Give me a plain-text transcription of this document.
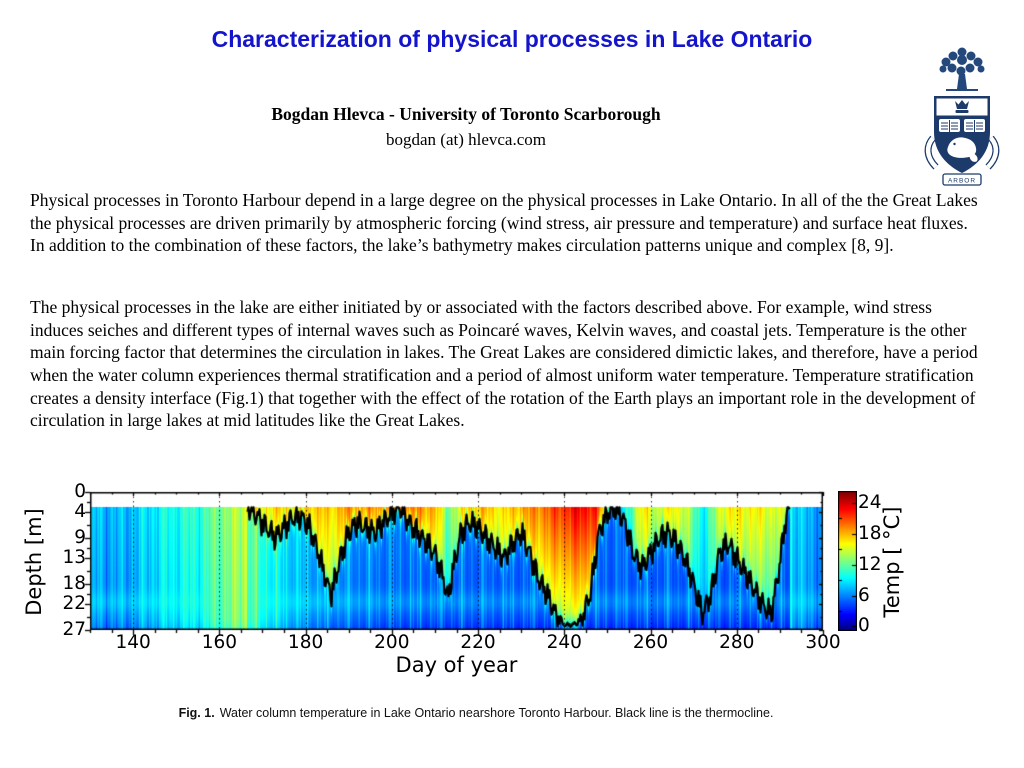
Characterization of physical processes in Lake Ontario
ARBOR
Bogdan Hlevca - University of Toronto Scarborough
bogdan (at) hlevca.com
Physical processes in Toronto Harbour depend in a large degree on the physical processes in Lake Ontario. In all of the the Great Lakes the physical processes are driven primarily by atmospheric forcing (wind stress, air pressure and temperature) and surface heat fluxes. In addition to the combination of these factors, the lake’s bathymetry makes circulation patterns unique and complex [8, 9].
The physical processes in the lake are either initiated by or associated with the factors described above. For example, wind stress induces seiches and different types of internal waves such as Poincaré waves, Kelvin waves, and coastal jets. Temperature is the other main forcing factor that determines the circulation in lakes. The Great Lakes are considered dimictic lakes, and therefore, have a period when the water column experiences thermal stratification and a period of almost uniform water temperature. Temperature stratification creates a density interface (Fig.1) that together with the effect of the rotation of the Earth plays an important role in the development of circulation in large lakes at mid latitudes like the Great Lakes.
Depth [m]
Day of year
Temp [ °C]
140	160	180	200	220	240	260	280	300
0
4
9
13
18
22
27	0
6
12
18
24
Fig. 1. Water column temperature in Lake Ontario nearshore Toronto Harbour. Black line is the thermocline.
